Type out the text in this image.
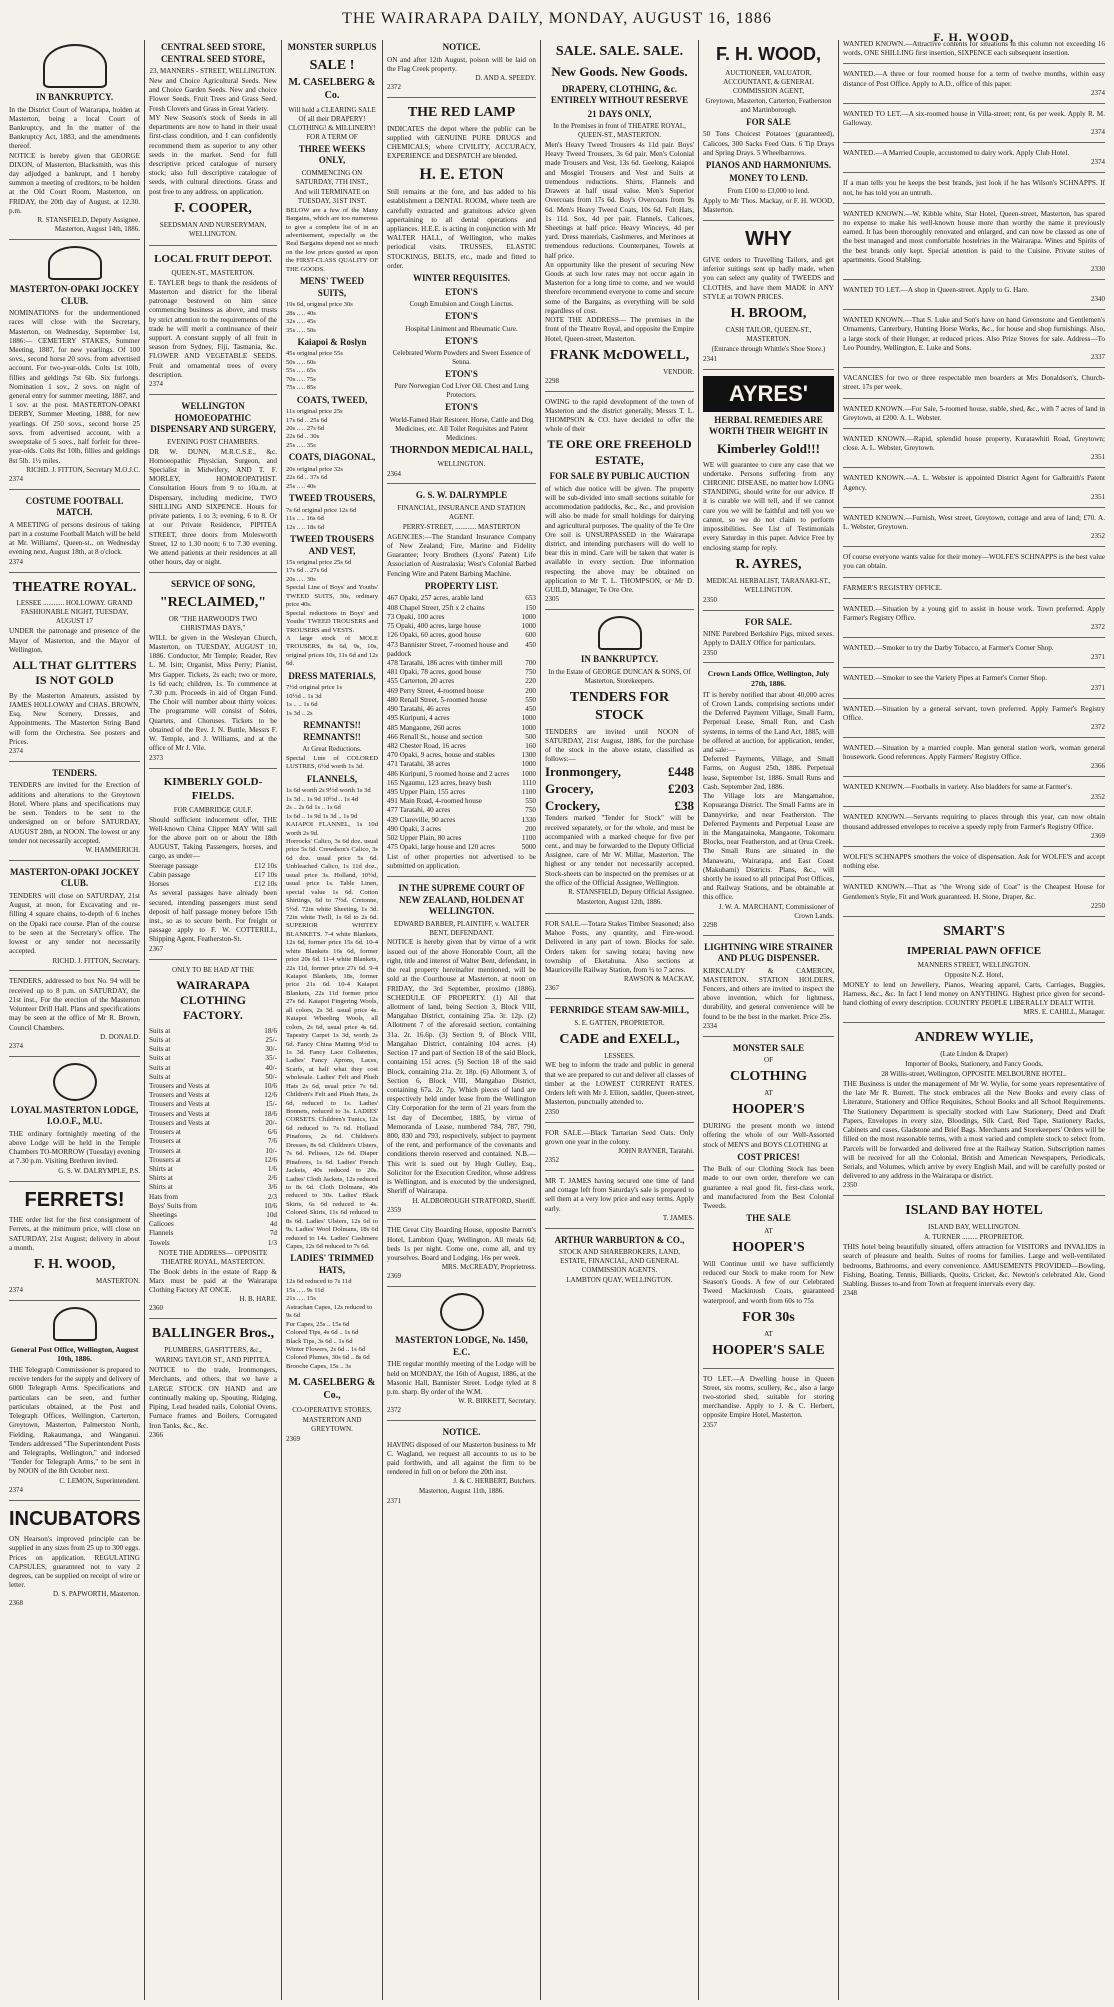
THE WAIRARAPA DAILY, MONDAY, AUGUST 16, 1886
F. H. WOOD,
IN BANKRUPTCY.
In the District Court of Wairarapa, holden at Masterton, being a local Court of Bankruptcy, and In the matter of the Bankruptcy Act, 1883, and the amendments thereof.
NOTICE is hereby given that GEORGE DIXON, of Masterton, Blacksmith, was this day adjudged a bankrupt, and I hereby summon a meeting of creditors, to be holden at the Old Court Room, Masterton, on FRIDAY, the 20th day of August, at 12.30. p.m.
R. STANSFIELD, Deputy Assignee. Masterton, August 14th, 1886.
MASTERTON-OPAKI JOCKEY CLUB.
NOMINATIONS for the undermentioned races will close with the Secretary, Masterton, on Wednesday, September 1st, 1886:— CEMETERY STAKES, Summer Meeting, 1887, for new yearlings. Of 100 sovs., second horse 20 sovs. from advertised account. For two-year-olds. Colts 1st 10lb, fillies and geldings 7st 6lb. Six furlongs. Nomination 1 sov., 2 sovs. on night of general entry for summer meeting, 1887, and 1 sov. at the post. MASTERTON-OPAKI DERBY, Summer Meeting, 1888, for new yearlings. Of 250 sovs., second horse 25 sovs. from advertised account, with a sweepstake of 5 sovs., half forfeit for three-year-olds. Colts 8st 10lb, fillies and geldings 8st 5lb. 1½ miles.
RICHD. J. FITTON, Secretary M.O.J.C.
2374
COSTUME FOOTBALL MATCH.
A MEETING of persons desirous of taking part in a costume Football Match will be held at Mr. Williams', Queen-st., on Wednesday evening next, August 18th, at 8 o'clock.
2374
THEATRE ROYAL.
LESSEE ............ HOLLOWAY. GRAND FASHIONABLE NIGHT, TUESDAY, AUGUST 17
UNDER the patronage and presence of the Mayor of Masterton, and the Mayor of Wellington.
ALL THAT GLITTERS IS NOT GOLD
By the Masterton Amateurs, assisted by JAMES HOLLOWAY and CHAS. BROWN, Esq. New Scenery, Dresses, and Appointments. The Masterton String Band will form the Orchestra. See posters and Prices.
2374
TENDERS.
TENDERS are invited for the Erection of additions and alterations to the Greytown Hotel. Where plans and specifications may be seen. Tenders to be sent to the undersigned on or before SATURDAY, AUGUST 28th, at NOON. The lowest or any tender not necessarily accepted.
W. HAMMERICH.
MASTERTON-OPAKI JOCKEY CLUB.
TENDERS will close on SATURDAY, 21st August, at noon, for Excavating and re-filling 4 square chains, to-depth of 6 inches on the Opaki race course. Plan of the course to be seen at the Secretary's office. The lowest or any tender not necessarily accepted.
RICHD. J. FITTON, Secretary.
TENDERS, addressed to box No. 94 will be received up to 8 p.m. on SATURDAY, the 21st inst., For the erection of the Masterton Volunteer Drill Hall. Plans and specifications may be seen at the office of Mr R. Brown, Council Chambers.
D. DONALD.
2374
LOYAL MASTERTON LODGE, I.O.O.F., M.U.
THE ordinary fortnightly meeting of the above Lodge will be held in the Temple Chambers TO-MORROW (Tuesday) evening at 7.30 p.m. Visiting Brethren invited.
G. S. W. DALRYMPLE, P.S.
FERRETS!
THE order list for the first consignment of Ferrets, at the minimum price, will close on SATURDAY, 21st August; delivery in about a month.
F. H. WOOD,
MASTERTON.
2374
General Post Office, Wellington, August 10th, 1886.
THE Telegraph Commissioner is prepared to receive tenders for the supply and delivery of 6000 Telegraph Arms. Specifications and particulars can be seen, and further particulars obtained, at the Post and Telegraph Offices, Wellington, Carterton, Greytown, Masterton, Palmerston North, Fielding, Rakaumanga, and Wanganui. Tenders addressed "The Superintendent Posts and Telegraphs, Wellington," and indorsed "Tender for Telegraph Arms," to be sent in by NOON of the 8th October next.
C. LEMON, Superintendent.
2374
INCUBATORS
ON Hearson's improved principle can be supplied in any sizes from 25 up to 300 eggs. Prices on application. REGULATING CAPSULES, guaranteed not to vary 2 degrees, can be supplied on receipt of wire or letter.
D. S. PAPWORTH, Masterton.
2368
CENTRAL SEED STORE, CENTRAL SEED STORE,
23, MANNERS - STREET, WELLINGTON.
New and Choice Agricultural Seeds. New and Choice Garden Seeds. New and choice Flower Seeds. Fruit Trees and Grass Seed. Fresh Clovers and Grass in Great Variety.
MY New Season's stock of Seeds in all departments are now to hand in their usual first-class condition, and I can confidently recommend them as superior to any other seeds in the market. Send for full descriptive priced catalogue of nursery stock; also full descriptive catalogue of seeds, with cultural directions. Grass and post free to any address, on application.
F. COOPER,
SEEDSMAN AND NURSERYMAN, WELLINGTON.
LOCAL FRUIT DEPOT.
QUEEN-ST., MASTERTON.
E. TAYLER begs to thank the residents of Masterton and district for the liberal patronage bestowed on him since commencing business as above, and trusts by strict attention to the requirements of the trade he will merit a continuance of their support. A constant supply of all fruit in season from Sydney, Fiji, Tasmania, &c. FLOWER AND VEGETABLE SEEDS. Fruit and ornamental trees of every description.
2374
WELLINGTON HOMOEOPATHIC DISPENSARY AND SURGERY,
EVENING POST CHAMBERS.
DR W. DUNN, M.R.C.S.E., &c. Homoeopathic Physician, Surgeon, and Specialist in Midwifery, AND T. F. MORLEY, HOMOEOPATHIST. Consultation Hours from 9 to 10a.m. at Dispensary, including medicine, TWO SHILLING AND SIXPENCE. Hours for private patients, 1 to 3; evening, 6 to 8. Or at our Private Residence, PIPITEA STREET, three doors from Molesworth Street, 12 to 1.30 noon; 6 to 7.30 evening. We attend patients at their residences at all other hours, day or night.
SERVICE OF SONG,
"RECLAIMED,"
OR "THE HARWOOD'S TWO CHRISTMAS DAYS,"
WILL be given in the Wesleyan Church, Masterton, on TUESDAY, AUGUST 10, 1886. Conductor, Mr Temple; Reader, Rev L. M. Isitt; Organist, Miss Perry; Pianist, Mrs Gapper. Tickets, 2s each; two or more, 1s 6d each; children, 1s. To commence at 7.30 p.m. Proceeds in aid of Organ Fund. The Choir will number about thirty voices. The programme will consist of Solos, Quartets, and Choruses. Tickets to be obtained of the Rev. J. N. Buttle, Messrs F. W. Temple, and J. Williams, and at the office of Mr J. Vile.
2373
KIMBERLY GOLD-FIELDS.
FOR CAMBRIDGE GULF.
Should sufficient inducement offer, THE Well-known China Clipper MAY Will sail for the above port on or about the 18th AUGUST, Taking Passengers, horses, and cargo, as under—
Steerage passage	£12 10s
Cabin passage	£17 10s
Horses	£12 10s
As several passages have already been secured, intending passengers must send deposit of half passage money before 15th inst., so as to secure berth. For freight or passage apply to F. W. COTTERILL, Shipping Agent, Featherston-St.
2367
ONLY TO BE HAD AT THE
WAIRARAPA CLOTHING FACTORY.
Suits at	18/6
Suits at	25/-
Suits at	30/-
Suits at	35/-
Suits at	40/-
Suits at	50/-
Trousers and Vests at	10/6
Trousers and Vests at	12/6
Trousers and Vests at	15/-
Trousers and Vests at	18/6
Trousers and Vests at	20/-
Trousers at	6/6
Trousers at	7/6
Trousers at	10/-
Trousers at	12/6
Shirts at	1/6
Shirts at	2/6
Shirts at	3/6
Hats from	2/3
Boys' Suits from	10/6
Sheetings	10d
Calicoes	4d
Flannels	7d
Towels	1/3
NOTE THE ADDRESS— OPPOSITE THEATRE ROYAL, MASTERTON.
The Book debts in the estate of Rapp & Marx must be paid at the Wairarapa Clothing Factory AT ONCE.
H. B. HARE.
2360
BALLINGER Bros.,
PLUMBERS, GASFITTERS, &c.,
WARING TAYLOR ST., AND PIPITEA.
NOTICE to the trade, Ironmongers, Merchants, and others, that we have a LARGE STOCK ON HAND and are continually making up, Spouting, Ridging, Piping, Lead headed nails, Colonial Ovens, Furnace frames and Boilers, Corrugated Iron Tanks, &c., &c.
2366
MONSTER SURPLUS
SALE !
M. CASELBERG & Co.
Will hold a CLEARING SALE Of all their DRAPERY! CLOTHING! & MILLINERY! FOR A TERM OF
THREE WEEKS ONLY,
COMMENCING ON SATURDAY, 7TH INST.,
And will TERMINATE on TUESDAY, 31ST INST.
BELOW are a few of the Many Bargains, which are too numerous to give a complete list of in an advertisement, especially as the Real Bargains depend not so much on the low prices quoted as upon the FIRST-CLASS QUALITY OF THE GOODS.
MENS' TWEED SUITS,
19s 6d, original price 30s
28s .. .. 40s
32s .. .. 45s
35s .. .. 50s
Kaiapoi & Roslyn
45s original price 55s
50s .. .. 60s
55s .. .. 65s
70s .. .. 75s
75s .. .. 85s
COATS, TWEED,
11s original price 25s
17s 6d .. 25s 6d
20s .. .. 27s 6d
22s 6d .. 30s
25s .. .. 35s
COATS, DIAGONAL,
20s original price 32s
22s 6d .. 37s 6d
25s .. .. 40s
TWEED TROUSERS,
7s 6d original price 12s 6d
11s .. .. 16s 6d
12s .. .. 18s 6d
TWEED TROUSERS AND VEST,
15s original price 25s 6d
17s 6d .. 27s 6d
20s .. .. 30s
Special Line of Boys' and Youths' TWEED SUITS, 30s, ordinary price 40s.
Special reductions in Boys' and Youths' TWEED TROUSERS and TROUSERS and VESTS.
A large stock of MOLE TROUSERS, 8s 6d, 9s, 10s, original prices 10s, 11s 6d and 12s 6d.
DRESS MATERIALS,
7½d original price 1s
10½d .. 1s 3d
1s .. .. 1s 6d
1s 3d .. 2s
REMNANTS!! REMNANTS!!
At Great Reductions.
Special Line of COLORED LUSTRES, 6½d worth 1s 3d.
FLANNELS,
1s 6d worth 2s 9½d worth 1s 3d
1s 3d .. 1s 9d 10½d .. 1s 4d
2s .. 2s 6d 1s .. 1s 6d
1s 6d .. 1s 9d 1s 3d .. 1s 9d
KAIAPOI FLANNEL, 1s 10d worth 2s 9d.
Horrocks' Calico, 3s 6d doz. usual price 5s 6d. Crewdson's Calico, 3s 6d doz. usual price 5s 6d. Unbleached Calico, 1s 11d doz., usual price 3s. Holland, 10½d, usual price 1s. Table Linen, special value 1s 6d. Cotton Shirtings, 6d to 7½d. Cretonne, 5½d. 72in white Sheeting, 1s 3d. 72in white Twill, 1s 6d to 2s 6d. SUPERIOR WHITEY BLANKETS. 7-4 white Blankets, 12s 6d, former price 15s 6d. 10-4 white Blankets 16s 6d, former price 20s 6d. 11-4 white Blankets, 22s 11d, former price 27s 6d. 9-4 Kaiapoi Blankets, 18s, former price 21s 6d. 10-4 Kaiapoi Blankets, 22s 11d former price 27s 6d. Kaiapoi Fingering Wools, all colors, 2s 3d. usual price 4s. Kaiapoi Wheeling Wools, all colors, 2s 6d, usual price 4s 6d. Tapestry Carpet 1s 3d, worth 2s 6d. Fancy China Matting 9½d to 1s 3d. Fancy Lace Collarettes, Ladies' Fancy Aprons, Laces, Scarfs, at half what they cost wholesale. Ladies' Felt and Plush Hats 2s 6d, usual price 7s 6d. Children's Felt and Plush Hats, 2s 6d, reduced to 1s. Ladies' Bonnets, reduced to 3s. LADIES' CORSETS. Children's Tunics, 12s 6d reduced to 7s 6d. Holland Pinafores, 2s 6d. Children's Dresses, 8s 6d. Children's Ulsters, 7s 6d. Pelisses, 12s 6d. Diaper Pinafores, 1s 6d. Ladies' French Jackets, 40s reduced to 20s. Ladies' Cloth Jackets, 12s reduced to 8s 6d. Cloth Dolmans, 40s reduced to 30s. Ladies' Black Skirts, 6s 6d reduced to 4s. Colored Skirts, 11s 6d reduced to 8s 6d. Ladies' Ulsters, 12s 6d to 9s. Ladies' Wool Dolmans, 18s 6d reduced to 14s. Ladies' Cashmere Capes, 12s 6d reduced to 7s 6d.
LADIES' TRIMMED HATS,
12s 6d reduced to 7s 11d
15s .. .. 9s 11d
21s .. .. 15s
Astrachan Capes, 12s reduced to 9s 6d
Fur Capes, 25s .. 15s 6d
Colored Tips, 4s 6d .. 1s 6d
Black Tips, 3s 6d .. 1s 6d
Winter Flowers, 2s 6d .. 1s 6d
Colored Plumes, 30s 6d .. 8s 6d
Brooche Capes, 15s .. 3s
M. CASELBERG & Co.,
CO-OPERATIVE STORES,
MASTERTON AND GREYTOWN.
2369
NOTICE.
ON and after 12th August, poison will be laid on the Flag Creek property.
D. AND A. SPEEDY.
2372
THE RED LAMP
INDICATES the depot where the public can be supplied with GENUINE PURE DRUGS and CHEMICALS; where CIVILITY, ACCURACY, EXPERIENCE and DESPATCH are blended.
H. E. ETON
Still remains at the fore, and has added to his establishment a DENTAL ROOM, where teeth are carefully extracted and gratuitous advice given appertaining to all dental operations and appliances. H.E.E. is acting in conjunction with Mr WALTER HALL, of Wellington, who makes periodical visits. TRUSSES, ELASTIC STOCKINGS, BELTS, etc., made and fitted to order.
WINTER REQUISITES.
ETON'S
Cough Emulsion and Cough Linctus.
ETON'S
Hospital Liniment and Rheumatic Cure.
ETON'S
Celebrated Worm Powders and Sweet Essence of Senna.
ETON'S
Pure Norwegian Cod Liver Oil. Chest and Lung Protectors.
ETON'S
World-Famed Hair Restorer. Horse, Cattle and Dog Medicines, etc. All Toilet Requisites and Patent Medicines.
THORNDON MEDICAL HALL,
WELLINGTON.
2364
G. S. W. DALRYMPLE
FINANCIAL, INSURANCE AND STATION AGENT.
PERRY-STREET, ............ MASTERTON
AGENCIES:—The Standard Insurance Company of New Zealand; Fire, Marine and Fidelity Guarantee; Ivory Brothers (Lyons' Patent) Life Association of Australasia; West's Colonial Barbed Fencing Wire and Patent Barbing Machine.
PROPERTY LIST.
467 Opaki, 257 acres, arable land	653
408 Chapel Street, 25ft x 2 chains	150
73 Opaki, 100 acres	1000
75 Opaki, 400 acres, large house	1000
126 Opaki, 60 acres, good house	600
473 Bannister Street, 7-roomed house and paddock
450
478 Taratahi, 186 acres with timber mill	700
481 Opaki, 78 acres, good house	750
455 Carterton, 20 acres	220
469 Perry Street, 4-roomed house	200
480 Renall Street, 5-roomed house	550
490 Taratahi, 46 acres	450
495 Kuripuni, 4 acres	1000
485 Mangaone, 260 acres	1000
466 Renall St., house and section	500
482 Chester Road, 16 acres	160
470 Opaki, 9 acres, house and stables	1300
471 Taratahi, 38 acres	1000
486 Kuripuni, 5 roomed house and 2 acres	1000
165 Ngaumu, 123 acres, heavy bush	1110
495 Upper Plain, 155 acres	1100
491 Main Road, 4-roomed house	550
477 Taratahi, 40 acres	750
439 Clareville, 90 acres	1330
490 Opaki, 3 acres	200
502 Upper Plain, 80 acres	1100
475 Opaki, large house and 120 acres	5000
List of other properties not advertised to be submitted on application.
IN THE SUPREME COURT OF NEW ZEALAND, HOLDEN AT WELLINGTON.
EDWARD BARBER, PLAINTIFF, v. WALTER BENT, DEFENDANT.
NOTICE is hereby given that by virtue of a writ issued out of the above Honorable Court, all the right, title and interest of Walter Bent, defendant, in the real property hereinafter mentioned, will be sold at the Courthouse at Masterton, at noon on FRIDAY, the 3rd September, proximo (1886). SCHEDULE OF PROPERTY. (1) All that allotment of land, being Section 3, Block VIII, Mangahao District, containing 25a. 3r. 12p. (2) Allotment 7 of the aforesaid section, containing 31a. 2r. 16.6p. (3) Section 9, of Block VIII, Mangahao District, containing 104 acres. (4) Section 17 and part of Section 18 of the said Block, containing 151 acres. (5) Section 18 of the said Block, containing 21a. 2r. 18p. (6) Allotment 3, of Section 6, Block VIII, Mangahao District, containing 67a. 2r. 7p. Which pieces of land are respectively held under lease from the Wellington City Corporation for the term of 21 years from the 1st day of December, 1885, by virtue of Memoranda of Lease, numbered 784, 787, 790, 800, 830 and 793, respectively, subject to payment of the rent, and performance of the covenants and conditions therein reserved and contained. N.B.—This writ is sued out by Hugh Gulley, Esq., Solicitor for the Execution Creditor, whose address is Wellington, and is executed by the undersigned, Sheriff of Wairarapa.
H. ALDBOROUGH STRATFORD, Sheriff.
2359
THE Great City Boarding House, opposite Barrett's Hotel, Lambton Quay, Wellington. All meals 6d; beds 1s per night. Come one, come all, and try yourselves. Board and Lodging, 16s per week.
MRS. McCREADY, Proprietress.
2369
MASTERTON LODGE, No. 1450, E.C.
THE regular monthly meeting of the Lodge will be held on MONDAY, the 16th of August, 1886, at the Masonic Hall, Bannister Street. Lodge tyled at 8 p.m. sharp. By order of the W.M.
W. R. BIRKETT, Secretary.
2372
NOTICE.
HAVING disposed of our Masterton business to Mr C. Wagland, we request all accounts to us to be paid forthwith, and all against the firm to be rendered in full on or before the 20th inst.
J. & C. HERBERT, Butchers.
Masterton, August 11th, 1886.
2371
SALE. SALE. SALE.
New Goods. New Goods.
DRAPERY, CLOTHING, &c. ENTIRELY WITHOUT RESERVE
21 DAYS ONLY,
In the Premises in front of THEATRE ROYAL, QUEEN-ST., MASTERTON.
Men's Heavy Tweed Trousers 4s 11d pair. Boys' Heavy Tweed Trousers, 3s 6d pair. Men's Colonial made Trousers and Vest, 13s 6d. Geelong, Kaiapoi and Mosgiel Trousers and Vest and Suits at tremendous reductions. Shirts, Flannels and Drawers at half usual value. Men's Superior Overcoats from 17s 6d. Boy's Overcoats from 9s 6d. Men's Heavy Tweed Coats, 10s 6d. Felt Hats, 1s 11d. Sox, 4d per pair. Flannels, Calicoes, Sheetings at half price. Heavy Winceys, 4d per yard. Dress materials, Cashmeres, and Merinoes at tremendous reductions. Counterpanes, Towels at half price.
An opportunity like the present of securing New Goods at such low rates may not occur again in Masterton for a long time to come, and we would therefore recommend everyone to come and secure some of the Bargains, as everything will be sold regardless of cost.
NOTE THE ADDRESS— The premises in the front of the Theatre Royal, and opposite the Empire Hotel, Queen-street, Masterton.
FRANK McDOWELL,
VENDOR.
2298
OWING to the rapid development of the town of Masterton and the district generally, Messrs T. L. THOMPSON & CO. have decided to offer the whole of their
TE ORE ORE FREEHOLD ESTATE,
FOR SALE BY PUBLIC AUCTION
of which due notice will be given. The property will be sub-divided into small sections suitable for accommodation paddocks, &c., &c., and provision will also be made for small holdings for dairying and agricultural purposes. The quality of the Te Ore Ore soil is UNSURPASSED in the Wairarapa district, and intending purchasers will do well to bear this in mind. Care will be taken that water is available in every section. Due information respecting the above may be obtained on application to Mr T. L. THOMPSON, or Mr D. GUILD, Manager, Te Ore Ore.
2305
IN BANKRUPTCY.
In the Estate of GEORGE DUNCAN & SONS, Of Masterton, Storekeepers.
TENDERS FOR STOCK
TENDERS are invited until NOON of SATURDAY, 21st August, 1886, for the purchase of the stock in the above estate, classified as follows:—
Ironmongery,	£448
Grocery,	£203
Crockery,	£38
Tenders marked "Tender for Stock" will be received separately, or for the whole, and must be accompanied with a marked cheque for five per cent., and may be forwarded to the Deputy Official Assignee, care of Mr W. Millar, Masterton. The highest or any tender not necessarily accepted. Stock-sheets can be inspected on the premises or at the office of the Official Assignee, Wellington.
R. STANSFIELD, Deputy Official Assignee.
Masterton, August 12th, 1886.
FOR SALE.—Totara Stakes Timber Seasoned; also Mahoe Posts, any quantity, and Fire-wood. Delivered in any part of town. Blocks for sale. Orders taken for sawing totara; having new township of Eketahuna. Also sections at Mauriceville Railway Station, from ½ to 7 acres.
RAWSON & MACKAY,
2367
FERNRIDGE STEAM SAW-MILL,
S. E. GATTEN, PROPRIETOR.
CADE and EXELL,
LESSEES.
WE beg to inform the trade and public in general that we are prepared to cut and deliver all classes of timber at the LOWEST CURRENT RATES. Orders left with Mr J. Elliott, saddler, Queen-street, Masterton, punctually attended to.
2350
FOR SALE.—Black Tartarian Seed Oats. Only grown one year in the colony.
JOHN RAYNER, Taratahi.
2352
MR T. JAMES having secured one time of land and cottage left from Saturday's sale is prepared to sell them at a very low price and easy terms. Apply early.
T. JAMES.
ARTHUR WARBURTON & CO.,
STOCK AND SHAREBROKERS, LAND, ESTATE, FINANCIAL, AND GENERAL COMMISSION AGENTS.
LAMBTON QUAY, WELLINGTON.
F. H. WOOD,
AUCTIONEER, VALUATOR, ACCOUNTANT, & GENERAL COMMISSION AGENT,
Greytown, Masterton, Carterton, Featherston and Martinborough.
FOR SALE
50 Tons Choicest Potatoes (guaranteed), Calicoes, 300 Sacks Feed Oats. 6 Tip Drays and Spring Drays. 5 Wheelbarrows.
PIANOS AND HARMONIUMS.
MONEY TO LEND.
From £100 to £3,000 to lend.
Apply to Mr Thos. Mackay, or F. H. WOOD, Masterton.
WHY
GIVE orders to Travelling Tailors, and get inferior suitings sent up badly made, when you can select any quality of TWEEDS and CLOTHS, and have them MADE in ANY STYLE at TOWN PRICES.
H. BROOM,
CASH TAILOR, QUEEN-ST., MASTERTON.
(Entrance through Whittle's Shoe Store.)
2341
AYRES'
HERBAL REMEDIES ARE WORTH THEIR WEIGHT IN
Kimberley Gold!!!
WE will guarantee to cure any case that we undertake. Persons suffering from any CHRONIC DISEASE, no matter how LONG STANDING, should write for our advice. If it is curable we will tell, and if we cannot cure you we will be faithful and tell you we cannot, so we do not claim to perform impossibilities. See List of Testimonials every Saturday in this paper. Advice Free by enclosing stamp for reply.
R. AYRES,
MEDICAL HERBALIST, TARANAKI-ST., WELLINGTON.
2350
FOR SALE.
NINE Purebred Berkshire Pigs, mixed sexes. Apply to DAILY Office for particulars.
2350
Crown Lands Office, Wellington, July 27th, 1886.
IT is hereby notified that about 40,000 acres of Crown Lands, comprising sections under the Deferred Payment Village, Small Farm, Perpetual Lease, Small Run, and Cash systems, in terms of the Land Act, 1885, will be offered at auction, for application, tender, and sale:—
Deferred Payments, Village, and Small Farms, on August 25th, 1886. Perpetual lease, September 1st, 1886. Small Runs and Cash, September 2nd, 1886.
The Village lots are Mangamahoe, Kopuaranga District. The Small Farms are in Dannyvirke, and near Featherston. The Deferred Payments and Perpetual Lease are in the Mangatainoka, Mangaone, Tokomaru Blocks, near Featherston, and at Orua Creek. The Small Runs are situated in the Manawatu, Wairarapa, and East Coast (Makuhami) Districts. Plans, &c., will shortly be issued to all principal Post Offices, and Railway Stations, and be obtainable at this office.
J. W. A. MARCHANT, Commissioner of Crown Lands.
2298
LIGHTNING WIRE STRAINER AND PLUG DISPENSER.
KIRKCALDY & CAMERON, MASTERTON. STATION HOLDERS, Fencers, and others are invited to inspect the above invention, which for lightness, durability, and general convenience will be found to be the best in the market. Price 25s.
2334
MONSTER SALE
OF
CLOTHING
AT
HOOPER'S
DURING the present month we intend offering the whole of our Well-Assorted stock of MEN'S and BOYS CLOTHING at
COST PRICES!
The Bulk of our Clothing Stock has been made to our own order, therefore we can guarantee a real good fit, first-class work, and manufactured from the Best Colonial Tweeds.
THE SALE
AT
HOOPER'S
Will Continue until we have sufficiently reduced our Stock to make room for New Season's Goods. A few of our Celebrated Tweed Mackintosh Coats, guaranteed waterproof, and worth from 60s to 75s
FOR 30s
AT
HOOPER'S SALE
TO LET.—A Dwelling house in Queen Street, six rooms, scullery, &c., also a large two-storied shed, suitable for storing merchandise. Apply to J. & C. Herbert, opposite Empire Hotel, Masterton.
2357
WANTED KNOWN.—Attractive contents for situations in this column not exceeding 16 words, ONE SHILLING first insertion, SIXPENCE each subsequent insertion.
WANTED.—A three or four roomed house for a term of twelve months, within easy distance of Post Office. Apply to A.D., office of this paper.
2374
WANTED TO LET.—A six-roomed house in Villa-street; rent, 6s per week. Apply R. M. Galloway.
2374
WANTED.—A Married Couple, accustomed to dairy work. Apply Club Hotel.
2374
If a man tells you he keeps the best brands, just look if he has Wilson's SCHNAPPS. If not, he has told you an untruth.
WANTED KNOWN.—W. Kibble white, Star Hotel, Queen-street, Masterton, has spared no expense to make his well-known house more than worthy the name it previously earned. It has been thoroughly renovated and enlarged, and can now be classed as one of the best managed and most comfortable hostelries in the Wairarapa. Wines and Spirits of the best brands only kept. Special attention is paid to the Cuisine. Private suites of apartments. Good Stabling.
2330
WANTED TO LET.—A shop in Queen-street. Apply to G. Hare.
2340
WANTED KNOWN.—That S. Luke and Son's have on hand Greenstone and Gentlemen's Ornaments, Canterbury, Hunting Horse Works, &c., for house and shop furnishings. Also, a large stock of their Hunger, at reduced prices. Also Prize Stoves for sale. Address—To Leo Poundry, Wellington, E. Luke and Sons.
2337
VACANCIES for two or three respectable men boarders at Mrs Donaldson's, Church-street. 17s per week.
WANTED KNOWN.—For Sale, 5-roomed house, stable, shed, &c., with 7 acres of land in Greytown, at £200. A. L. Webster.
WANTED KNOWN.—Rapid, splendid house property, Kuratawhiti Road, Greytown; close. A. L. Webster, Greytown.
2351
WANTED KNOWN.—A. L. Webster is appointed District Agent for Galbraith's Patent Agency.
2351
WANTED KNOWN.—Furnish, West street, Greytown, cottage and area of land; £70. A. L. Webster, Greytown.
2352
Of course everyone wants value for their money—WOLFE'S SCHNAPPS is the best value you can obtain.
FARMER'S REGISTRY OFFICE.
WANTED.—Situation by a young girl to assist in house work. Town preferred. Apply Farmer's Registry Office.
2372
WANTED.—Smoker to try the Darby Tobacco, at Farmer's Corner Shop.
2371
WANTED.—Smoker to see the Variety Pipes at Farmer's Corner Shop.
2371
WANTED.—Situation by a general servant, town preferred. Apply Farmer's Registry Office.
2372
WANTED.—Situation by a married couple. Man general station work, woman general housework. Good references. Apply Farmers' Registry Office.
2366
WANTED KNOWN.—Footballs in variety. Also bladders for same at Farmer's.
2352
WANTED KNOWN.—Servants requiring to places through this year, can now obtain thousand addressed envelopes to receive a speedy reply from Farmer's Registry Office.
2369
WOLFE'S SCHNAPPS smothers the voice of dispensation. Ask for WOLFE'S and accept nothing else.
WANTED KNOWN.—That as "the Wrong side of Coat" is the Cheapest House for Gentlemen's Style, Fit and Work guaranteed. H. Stone, Draper, &c.
2250
SMART'S
IMPERIAL PAWN OFFICE
MANNERS STREET, WELLINGTON.
Opposite N.Z. Hotel,
MONEY to lend on Jewellery, Pianos, Wearing apparel, Carts, Carriages, Buggies, Harness, &c., &c. In fact I lend money on ANYTHING. Highest price given for second-hand clothing of every description. COUNTRY PEOPLE LIBERALLY DEALT WITH.
MRS. E. CAHILL, Manager.
ANDREW WYLIE,
(Late Lindon & Draper)
Importer of Books, Stationery, and Fancy Goods,
28 Willis-street, Wellington, OPPOSITE MELBOURNE HOTEL.
THE Business is under the management of Mr W. Wylie, for some years representative of the late Mr R. Burrett. The stock embraces all the New Books and every class of Literature, Stationery and Office Requisites, School Books and all School Requirements. The Stationery Department is specially stocked with Law Stationery, Deed and Draft Papers, Envelopes in every size, Bloodings, Silk Card, Red Tape, Stationery Racks, Cabinets and cases, Gladstone and Brief Bags. Merchants and Storekeepers' Orders will be filled on the most reasonable terms, with a most varied and complete stock to select from. Parcels will be forwarded and delivered free at the Railway Station. Subscription names will be received for all the Colonial, British and American Newspapers, Periodicals, Serials, and Volumes, which arrive by every English Mail, and will be carefully posted or delivered to any address in the Wairarapa or district.
2350
ISLAND BAY HOTEL
ISLAND BAY, WELLINGTON.
A. TURNER ......... PROPRIETOR.
THIS hotel being beautifully situated, offers attraction for VISITORS and INVALIDS in search of pleasure and health. Suites of rooms for families. Large and well-ventilated bedrooms, Bathrooms, and every convenience. AMUSEMENTS PROVIDED—Bowling, Fishing, Boating, Tennis, Billiards, Quoits, Cricket, &c. Newton's celebrated Ale, Good Stabling. Busses to-and from Town at frequent intervals every day.
2348
